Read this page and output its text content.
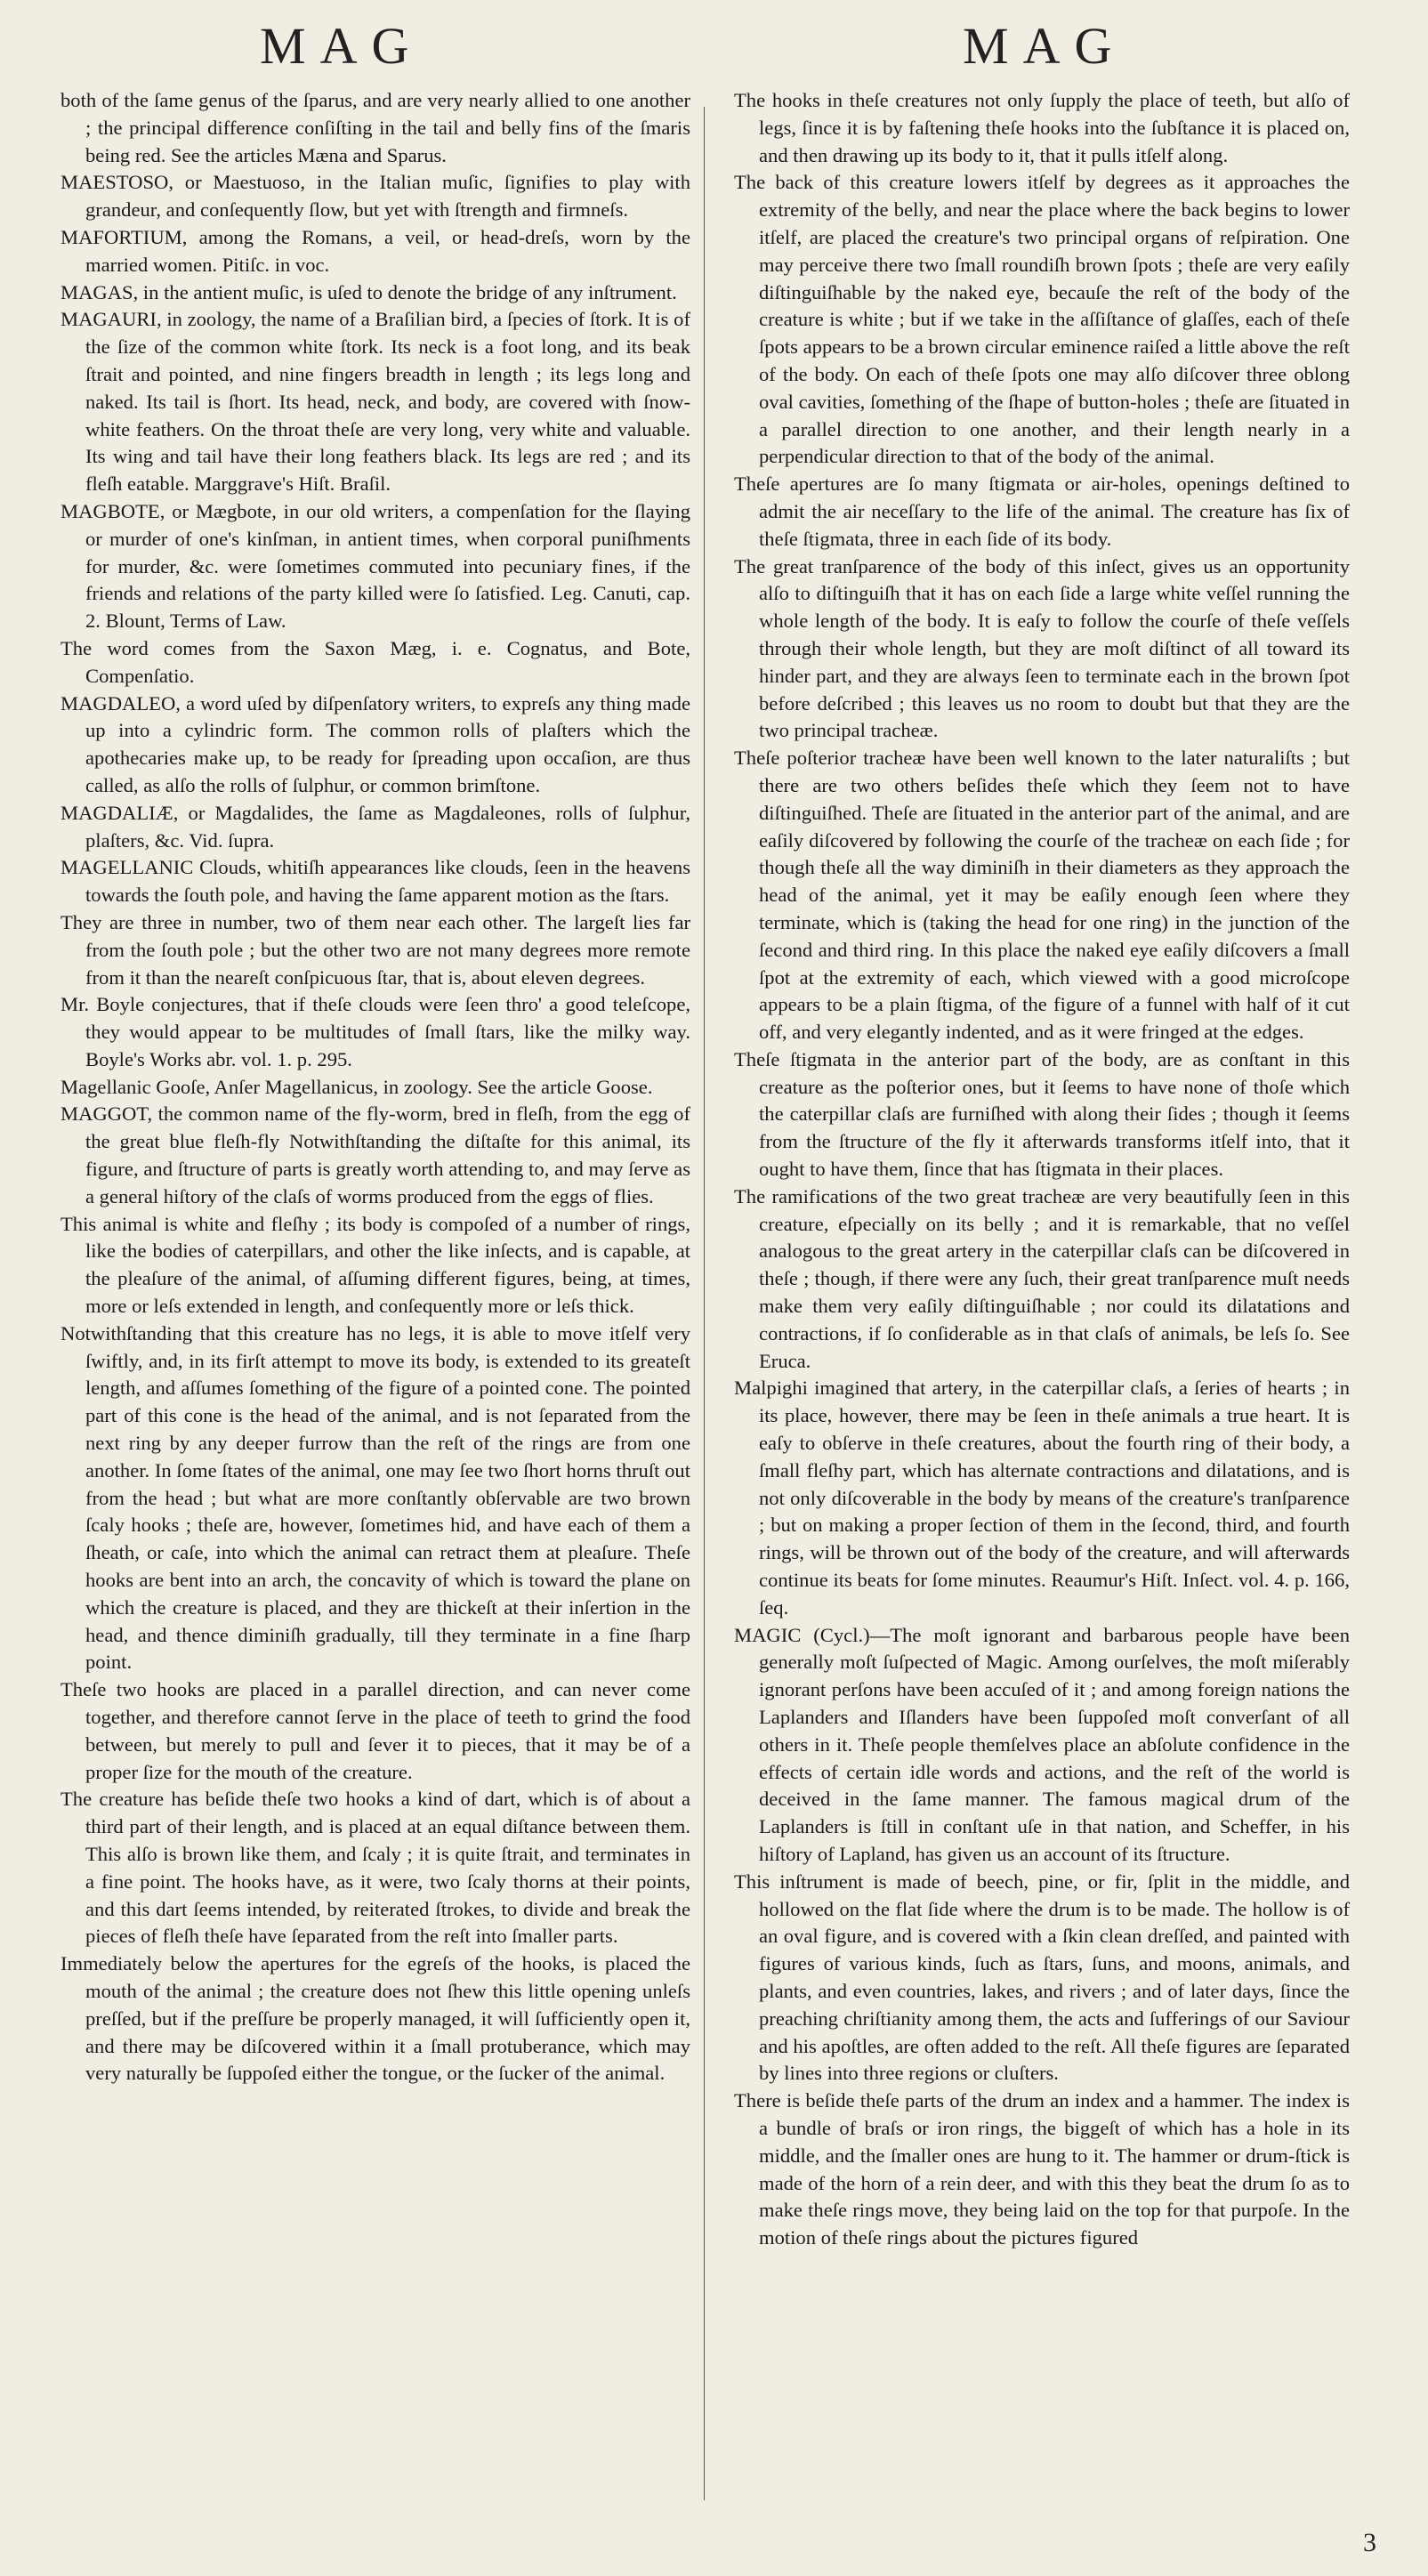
MAG	MAG

both of the ſame genus of the ſparus, and are very nearly allied to one another ; the principal difference conſiſting in the tail and belly fins of the ſmaris being red. See the articles Mæna and Sparus.

MAESTOSO, or Maestuoso, in the Italian muſic, ſignifies to play with grandeur, and conſequently ſlow, but yet with ſtrength and firmneſs.

MAFORTIUM, among the Romans, a veil, or head-dreſs, worn by the married women. Pitiſc. in voc.

MAGAS, in the antient muſic, is uſed to denote the bridge of any inſtrument.

MAGAURI, in zoology, the name of a Braſilian bird, a ſpecies of ſtork. It is of the ſize of the common white ſtork. Its neck is a foot long, and its beak ſtrait and pointed, and nine fingers breadth in length ; its legs long and naked. Its tail is ſhort. Its head, neck, and body, are covered with ſnow-white feathers. On the throat theſe are very long, very white and valuable. Its wing and tail have their long feathers black. Its legs are red ; and its fleſh eatable. Marggrave's Hiſt. Braſil.

MAGBOTE, or Mægbote, in our old writers, a compenſation for the ſlaying or murder of one's kinſman, in antient times, when corporal puniſhments for murder, &c. were ſometimes commuted into pecuniary fines, if the friends and relations of the party killed were ſo ſatisfied. Leg. Canuti, cap. 2. Blount, Terms of Law.

The word comes from the Saxon Mæg, i. e. Cognatus, and Bote, Compenſatio.

MAGDALEO, a word uſed by diſpenſatory writers, to expreſs any thing made up into a cylindric form. The common rolls of plaſters which the apothecaries make up, to be ready for ſpreading upon occaſion, are thus called, as alſo the rolls of ſulphur, or common brimſtone.

MAGDALIÆ, or Magdalides, the ſame as Magdaleones, rolls of ſulphur, plaſters, &c. Vid. ſupra.

MAGELLANIC Clouds, whitiſh appearances like clouds, ſeen in the heavens towards the ſouth pole, and having the ſame apparent motion as the ſtars.

They are three in number, two of them near each other. The largeſt lies far from the ſouth pole ; but the other two are not many degrees more remote from it than the neareſt conſpicuous ſtar, that is, about eleven degrees.

Mr. Boyle conjectures, that if theſe clouds were ſeen thro' a good teleſcope, they would appear to be multitudes of ſmall ſtars, like the milky way. Boyle's Works abr. vol. 1. p. 295.

Magellanic Gooſe, Anſer Magellanicus, in zoology. See the article Goose.

MAGGOT, the common name of the fly-worm, bred in fleſh, from the egg of the great blue fleſh-fly Notwithſtanding the diſtaſte for this animal, its figure, and ſtructure of parts is greatly worth attending to, and may ſerve as a general hiſtory of the claſs of worms produced from the eggs of flies.

This animal is white and fleſhy ; its body is compoſed of a number of rings, like the bodies of caterpillars, and other the like inſects, and is capable, at the pleaſure of the animal, of aſſuming different figures, being, at times, more or leſs extended in length, and conſequently more or leſs thick.

Notwithſtanding that this creature has no legs, it is able to move itſelf very ſwiftly, and, in its firſt attempt to move its body, is extended to its greateſt length, and aſſumes ſomething of the figure of a pointed cone. The pointed part of this cone is the head of the animal, and is not ſeparated from the next ring by any deeper furrow than the reſt of the rings are from one another. In ſome ſtates of the animal, one may ſee two ſhort horns thruſt out from the head ; but what are more conſtantly obſervable are two brown ſcaly hooks ; theſe are, however, ſometimes hid, and have each of them a ſheath, or caſe, into which the animal can retract them at pleaſure. Theſe hooks are bent into an arch, the concavity of which is toward the plane on which the creature is placed, and they are thickeſt at their inſertion in the head, and thence diminiſh gradually, till they terminate in a fine ſharp point.

Theſe two hooks are placed in a parallel direction, and can never come together, and therefore cannot ſerve in the place of teeth to grind the food between, but merely to pull and ſever it to pieces, that it may be of a proper ſize for the mouth of the creature.

The creature has beſide theſe two hooks a kind of dart, which is of about a third part of their length, and is placed at an equal diſtance between them. This alſo is brown like them, and ſcaly ; it is quite ſtrait, and terminates in a fine point. The hooks have, as it were, two ſcaly thorns at their points, and this dart ſeems intended, by reiterated ſtrokes, to divide and break the pieces of fleſh theſe have ſeparated from the reſt into ſmaller parts.

Immediately below the apertures for the egreſs of the hooks, is placed the mouth of the animal ; the creature does not ſhew this little opening unleſs preſſed, but if the preſſure be properly managed, it will ſufficiently open it, and there may be diſcovered within it a ſmall protuberance, which may very naturally be ſuppoſed either the tongue, or the ſucker of the animal.

The hooks in theſe creatures not only ſupply the place of teeth, but alſo of legs, ſince it is by faſtening theſe hooks into the ſubſtance it is placed on, and then drawing up its body to it, that it pulls itſelf along.

The back of this creature lowers itſelf by degrees as it approaches the extremity of the belly, and near the place where the back begins to lower itſelf, are placed the creature's two principal organs of reſpiration. One may perceive there two ſmall roundiſh brown ſpots ; theſe are very eaſily diſtinguiſhable by the naked eye, becauſe the reſt of the body of the creature is white ; but if we take in the aſſiſtance of glaſſes, each of theſe ſpots appears to be a brown circular eminence raiſed a little above the reſt of the body. On each of theſe ſpots one may alſo diſcover three oblong oval cavities, ſomething of the ſhape of button-holes ; theſe are ſituated in a parallel direction to one another, and their length nearly in a perpendicular direction to that of the body of the animal.

Theſe apertures are ſo many ſtigmata or air-holes, openings deſtined to admit the air neceſſary to the life of the animal. The creature has ſix of theſe ſtigmata, three in each ſide of its body.

The great tranſparence of the body of this inſect, gives us an opportunity alſo to diſtinguiſh that it has on each ſide a large white veſſel running the whole length of the body. It is eaſy to follow the courſe of theſe veſſels through their whole length, but they are moſt diſtinct of all toward its hinder part, and they are always ſeen to terminate each in the brown ſpot before deſcribed ; this leaves us no room to doubt but that they are the two principal tracheæ.

Theſe poſterior tracheæ have been well known to the later naturaliſts ; but there are two others beſides theſe which they ſeem not to have diſtinguiſhed. Theſe are ſituated in the anterior part of the animal, and are eaſily diſcovered by following the courſe of the tracheæ on each ſide ; for though theſe all the way diminiſh in their diameters as they approach the head of the animal, yet it may be eaſily enough ſeen where they terminate, which is (taking the head for one ring) in the junction of the ſecond and third ring. In this place the naked eye eaſily diſcovers a ſmall ſpot at the extremity of each, which viewed with a good microſcope appears to be a plain ſtigma, of the figure of a funnel with half of it cut off, and very elegantly indented, and as it were fringed at the edges.

Theſe ſtigmata in the anterior part of the body, are as conſtant in this creature as the poſterior ones, but it ſeems to have none of thoſe which the caterpillar claſs are furniſhed with along their ſides ; though it ſeems from the ſtructure of the fly it afterwards transforms itſelf into, that it ought to have them, ſince that has ſtigmata in their places.

The ramifications of the two great tracheæ are very beautifully ſeen in this creature, eſpecially on its belly ; and it is remarkable, that no veſſel analogous to the great artery in the caterpillar claſs can be diſcovered in theſe ; though, if there were any ſuch, their great tranſparence muſt needs make them very eaſily diſtinguiſhable ; nor could its dilatations and contractions, if ſo conſiderable as in that claſs of animals, be leſs ſo. See Eruca.

Malpighi imagined that artery, in the caterpillar claſs, a ſeries of hearts ; in its place, however, there may be ſeen in theſe animals a true heart. It is eaſy to obſerve in theſe creatures, about the fourth ring of their body, a ſmall fleſhy part, which has alternate contractions and dilatations, and is not only diſcoverable in the body by means of the creature's tranſparence ; but on making a proper ſection of them in the ſecond, third, and fourth rings, will be thrown out of the body of the creature, and will afterwards continue its beats for ſome minutes. Reaumur's Hiſt. Inſect. vol. 4. p. 166, ſeq.

MAGIC (Cycl.)—The moſt ignorant and barbarous people have been generally moſt ſuſpected of Magic. Among ourſelves, the moſt miſerably ignorant perſons have been accuſed of it ; and among foreign nations the Laplanders and Iſlanders have been ſuppoſed moſt converſant of all others in it. Theſe people themſelves place an abſolute confidence in the effects of certain idle words and actions, and the reſt of the world is deceived in the ſame manner. The famous magical drum of the Laplanders is ſtill in conſtant uſe in that nation, and Scheffer, in his hiſtory of Lapland, has given us an account of its ſtructure.

This inſtrument is made of beech, pine, or fir, ſplit in the middle, and hollowed on the flat ſide where the drum is to be made. The hollow is of an oval figure, and is covered with a ſkin clean dreſſed, and painted with figures of various kinds, ſuch as ſtars, ſuns, and moons, animals, and plants, and even countries, lakes, and rivers ; and of later days, ſince the preaching chriſtianity among them, the acts and ſufferings of our Saviour and his apoſtles, are often added to the reſt. All theſe figures are ſeparated by lines into three regions or cluſters.

There is beſide theſe parts of the drum an index and a hammer. The index is a bundle of braſs or iron rings, the biggeſt of which has a hole in its middle, and the ſmaller ones are hung to it. The hammer or drum-ſtick is made of the horn of a rein deer, and with this they beat the drum ſo as to make theſe rings move, they being laid on the top for that purpoſe. In the motion of theſe rings about the pictures figured

3
